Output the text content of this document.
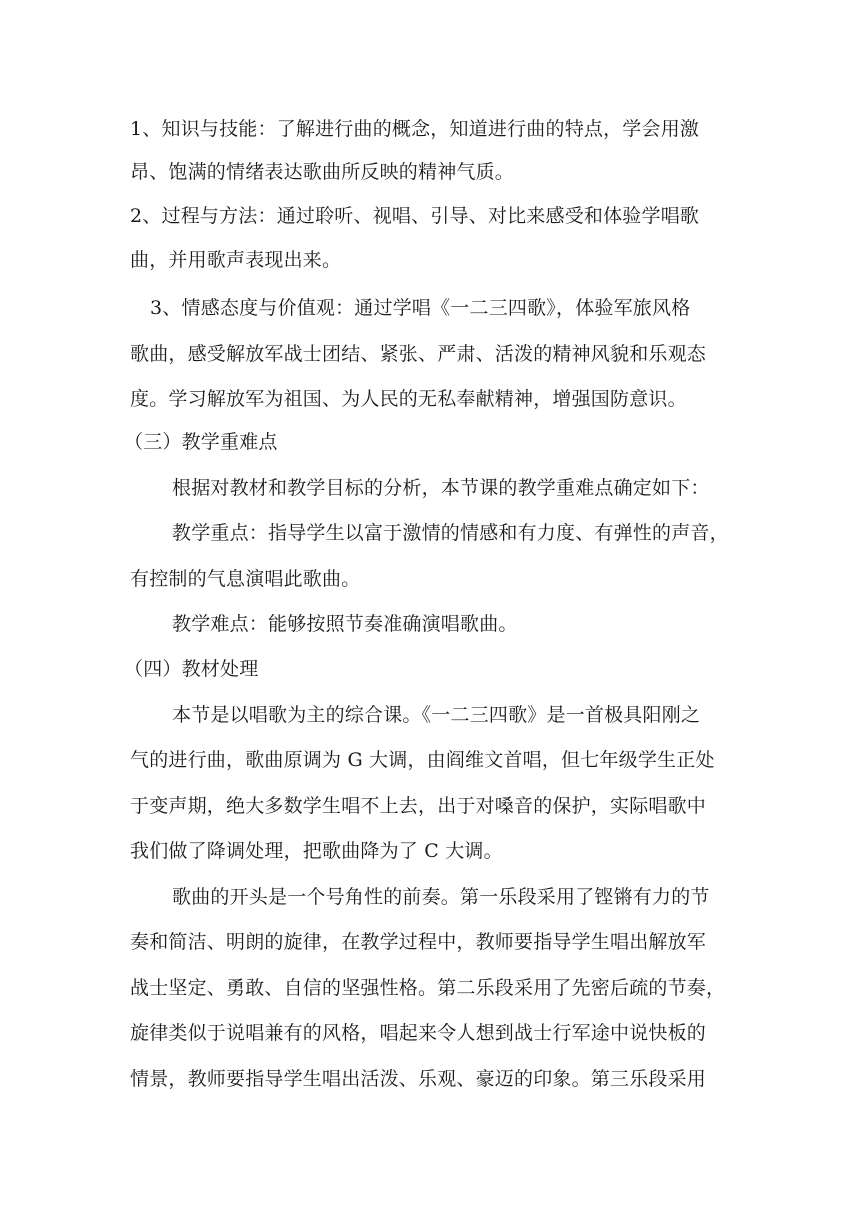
1、知识与技能：了解进行曲的概念，知道进行曲的特点，学会用激
昂、饱满的情绪表达歌曲所反映的精神气质。
2、过程与方法：通过聆听、视唱、引导、对比来感受和体验学唱歌
曲，并用歌声表现出来。
3、情感态度与价值观：通过学唱《一二三四歌》，体验军旅风格
歌曲，感受解放军战士团结、紧张、严肃、活泼的精神风貌和乐观态
度。学习解放军为祖国、为人民的无私奉献精神，增强国防意识。
（三）教学重难点
根据对教材和教学目标的分析，本节课的教学重难点确定如下：
教学重点：指导学生以富于激情的情感和有力度、有弹性的声音，
有控制的气息演唱此歌曲。
教学难点：能够按照节奏准确演唱歌曲。
（四）教材处理
本节是以唱歌为主的综合课。《一二三四歌》是一首极具阳刚之
气的进行曲，歌曲原调为 G 大调，由阎维文首唱，但七年级学生正处
于变声期，绝大多数学生唱不上去，出于对嗓音的保护，实际唱歌中
我们做了降调处理，把歌曲降为了 C 大调。
歌曲的开头是一个号角性的前奏。第一乐段采用了铿锵有力的节
奏和简洁、明朗的旋律，在教学过程中，教师要指导学生唱出解放军
战士坚定、勇敢、自信的坚强性格。第二乐段采用了先密后疏的节奏，
旋律类似于说唱兼有的风格，唱起来令人想到战士行军途中说快板的
情景，教师要指导学生唱出活泼、乐观、豪迈的印象。第三乐段采用
